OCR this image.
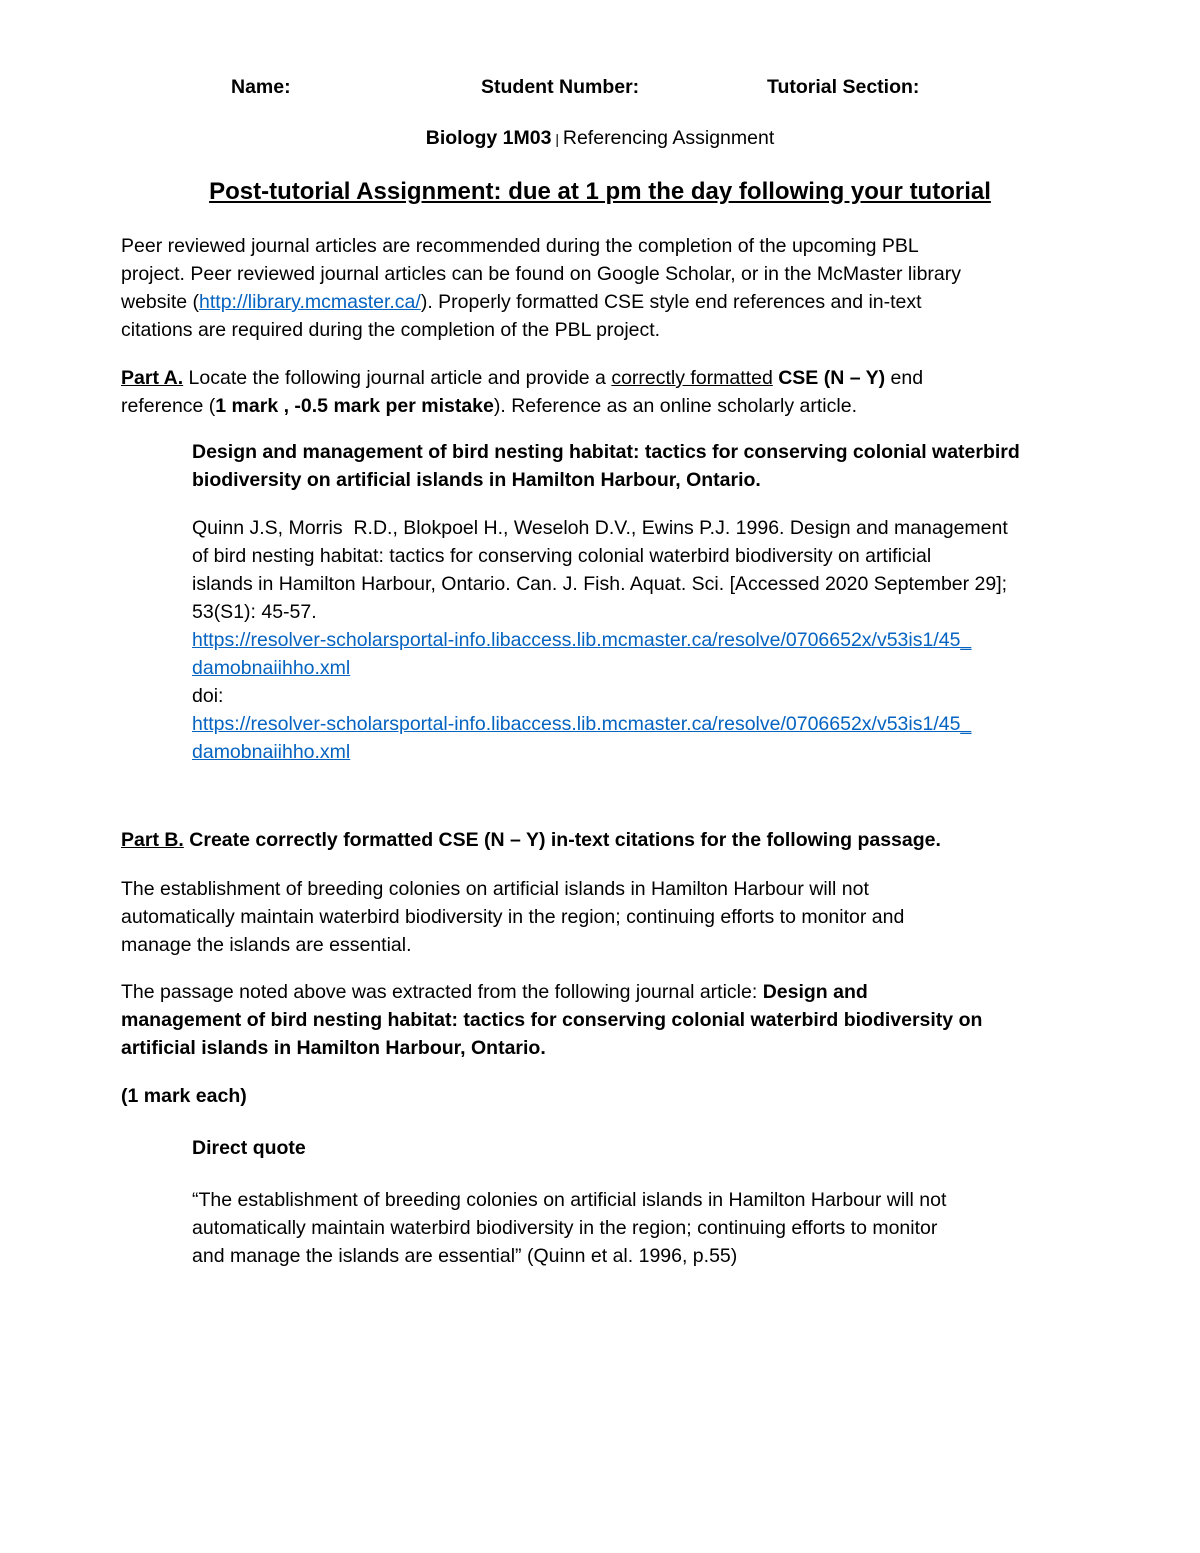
Name:	Student Number:	Tutorial Section:
Biology 1M03 | Referencing Assignment
Post-tutorial Assignment: due at 1 pm the day following your tutorial
Peer reviewed journal articles are recommended during the completion of the upcoming PBL
project. Peer reviewed journal articles can be found on Google Scholar, or in the McMaster library
website (http://library.mcmaster.ca/). Properly formatted CSE style end references and in-text
citations are required during the completion of the PBL project.
Part A. Locate the following journal article and provide a correctly formatted CSE (N – Y) end
reference (1 mark , -0.5 mark per mistake). Reference as an online scholarly article.
Design and management of bird nesting habitat: tactics for conserving colonial waterbird
biodiversity on artificial islands in Hamilton Harbour, Ontario.
Quinn J.S, Morris  R.D., Blokpoel H., Weseloh D.V., Ewins P.J. 1996. Design and management
of bird nesting habitat: tactics for conserving colonial waterbird biodiversity on artificial
islands in Hamilton Harbour, Ontario. Can. J. Fish. Aquat. Sci. [Accessed 2020 September 29];
53(S1): 45-57.
https://resolver-scholarsportal-info.libaccess.lib.mcmaster.ca/resolve/0706652x/v53is1/45_
damobnaiihho.xml
doi:
https://resolver-scholarsportal-info.libaccess.lib.mcmaster.ca/resolve/0706652x/v53is1/45_
damobnaiihho.xml
Part B. Create correctly formatted CSE (N – Y) in-text citations for the following passage.
The establishment of breeding colonies on artificial islands in Hamilton Harbour will not
automatically maintain waterbird biodiversity in the region; continuing efforts to monitor and
manage the islands are essential.
The passage noted above was extracted from the following journal article: Design and
management of bird nesting habitat: tactics for conserving colonial waterbird biodiversity on
artificial islands in Hamilton Harbour, Ontario.
(1 mark each)
Direct quote
“The establishment of breeding colonies on artificial islands in Hamilton Harbour will not
automatically maintain waterbird biodiversity in the region; continuing efforts to monitor
and manage the islands are essential” (Quinn et al. 1996, p.55)
